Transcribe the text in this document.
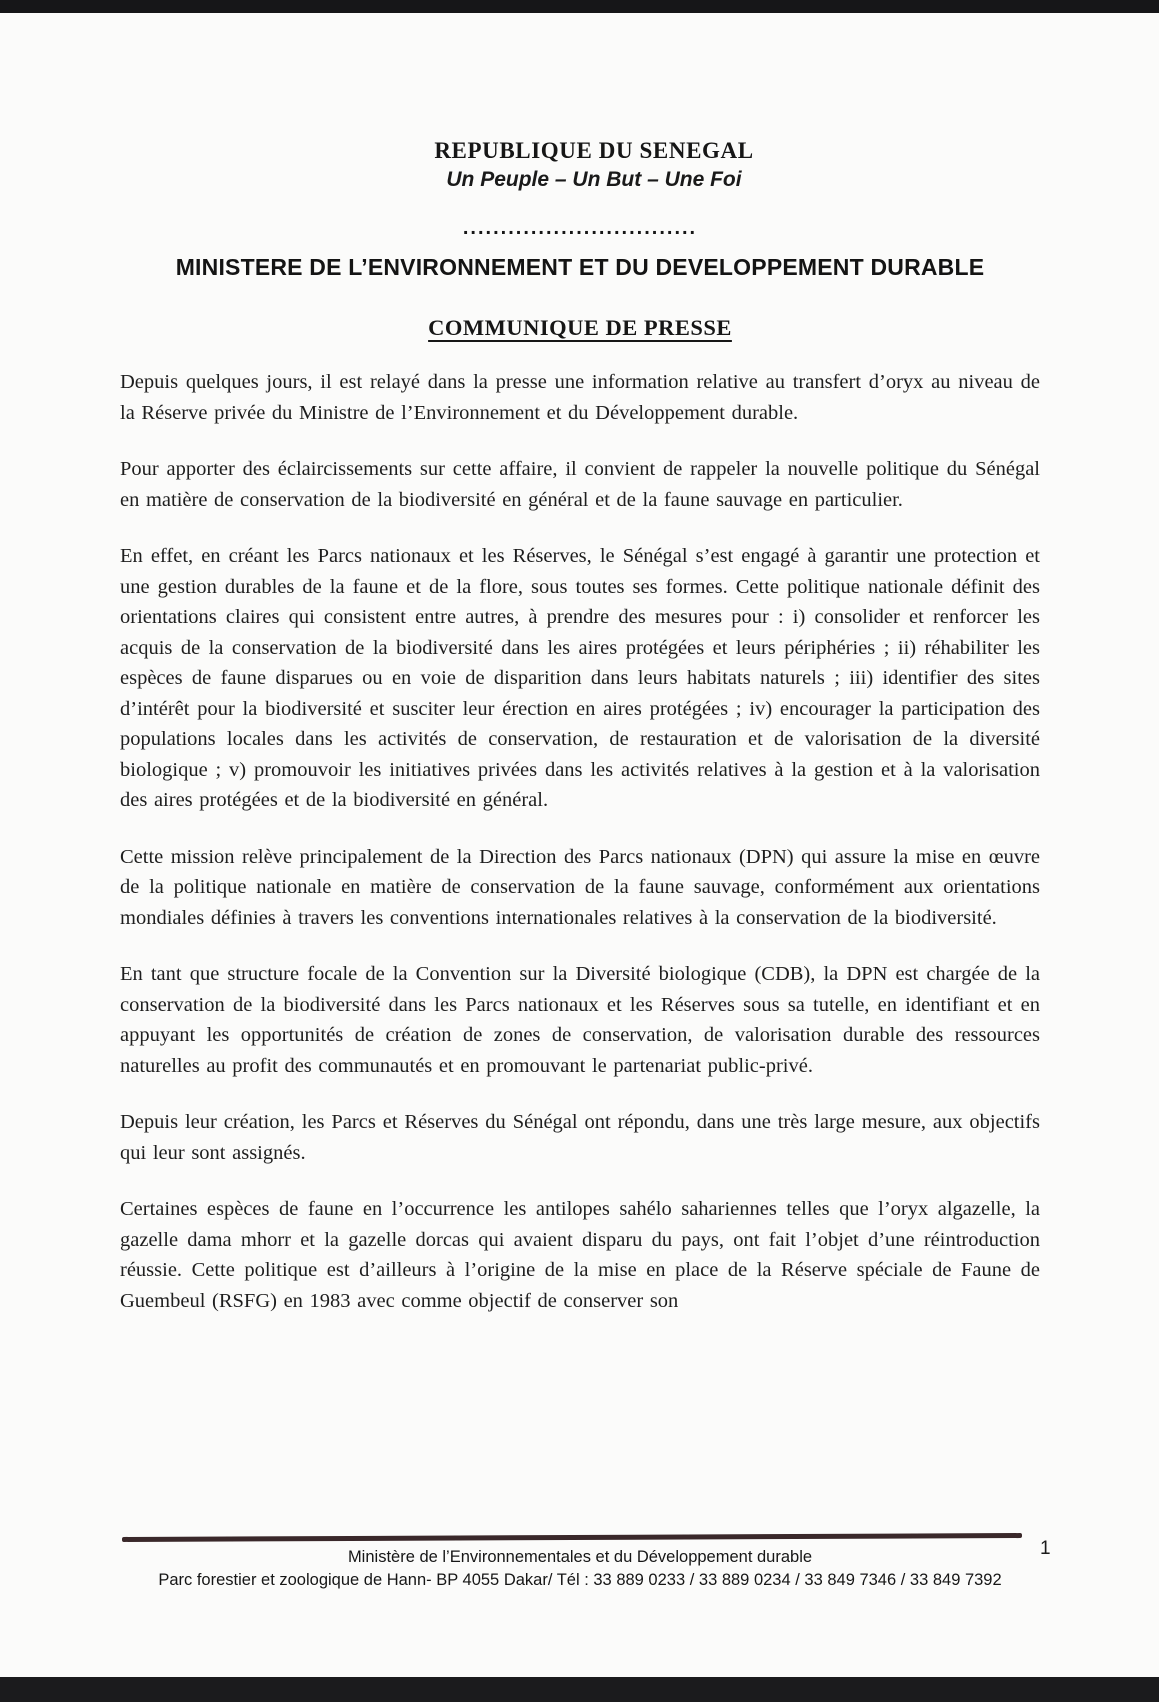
REPUBLIQUE DU SENEGAL
Un Peuple – Un But – Une Foi
...............................
MINISTERE DE L’ENVIRONNEMENT ET DU DEVELOPPEMENT DURABLE
COMMUNIQUE DE PRESSE

Depuis quelques jours, il est relayé dans la presse une information relative au transfert d’oryx au niveau de la Réserve privée du Ministre de l’Environnement et du Développement durable.

Pour apporter des éclaircissements sur cette affaire, il convient de rappeler la nouvelle politique du Sénégal en matière de conservation de la biodiversité en général et de la faune sauvage en particulier.

En effet, en créant les Parcs nationaux et les Réserves, le Sénégal s’est engagé à garantir une protection et une gestion durables de la faune et de la flore, sous toutes ses formes. Cette politique nationale définit des orientations claires qui consistent entre autres, à prendre des mesures pour : i) consolider et renforcer les acquis de la conservation de la biodiversité dans les aires protégées et leurs périphéries ; ii) réhabiliter les espèces de faune disparues ou en voie de disparition dans leurs habitats naturels ; iii) identifier des sites d’intérêt pour la biodiversité et susciter leur érection en aires protégées ; iv) encourager la participation des populations locales dans les activités de conservation, de restauration et de valorisation de la diversité biologique ; v) promouvoir les initiatives privées dans les activités relatives à la gestion et à la valorisation des aires protégées et de la biodiversité en général.

Cette mission relève principalement de la Direction des Parcs nationaux (DPN) qui assure la mise en œuvre de la politique nationale en matière de conservation de la faune sauvage, conformément aux orientations mondiales définies à travers les conventions internationales relatives à la conservation de la biodiversité.

En tant que structure focale de la Convention sur la Diversité biologique (CDB), la DPN est chargée de la conservation de la biodiversité dans les Parcs nationaux et les Réserves sous sa tutelle, en identifiant et en appuyant les opportunités de création de zones de conservation, de valorisation durable des ressources naturelles au profit des communautés et en promouvant le partenariat public-privé.

Depuis leur création, les Parcs et Réserves du Sénégal ont répondu, dans une très large mesure, aux objectifs qui leur sont assignés.

Certaines espèces de faune en l’occurrence les antilopes sahélo sahariennes telles que l’oryx algazelle, la gazelle dama mhorr et la gazelle dorcas qui avaient disparu du pays, ont fait l’objet d’une réintroduction réussie. Cette politique est d’ailleurs à l’origine de la mise en place de la Réserve spéciale de Faune de Guembeul (RSFG) en 1983 avec comme objectif de conserver son

Ministère de l’Environnementales et du Développement durable
Parc forestier et zoologique de Hann- BP 4055 Dakar/ Tél : 33 889 0233 / 33 889 0234 / 33 849 7346 / 33 849 7392
1
